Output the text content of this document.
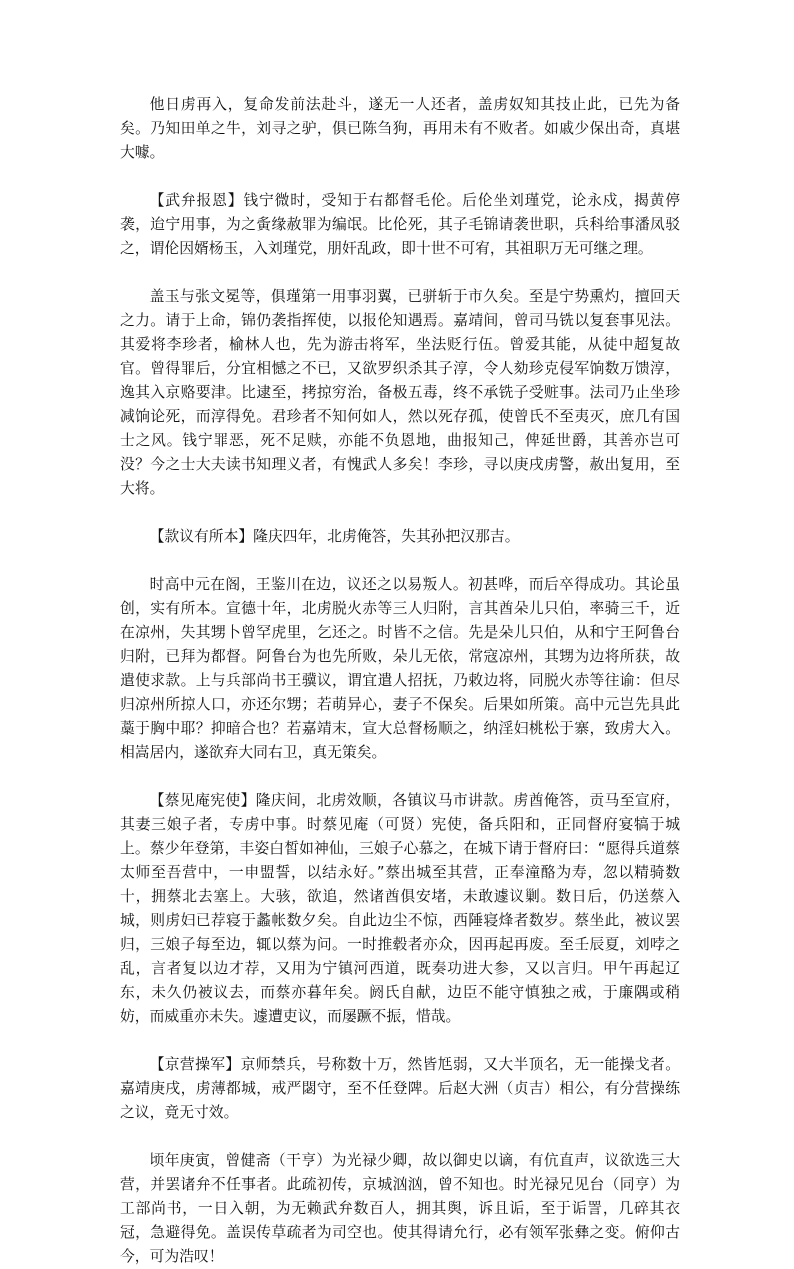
他日虏再入，复命发前法赴斗，遂无一人还者，盖虏奴知其技止此，已先为备矣。乃知田单之牛，刘寻之驴，俱已陈刍狗，再用未有不败者。如戚少保出奇，真堪大噱。

【武弁报恩】钱宁微时，受知于右都督毛伦。后伦坐刘瑾党，论永戍，揭黄停袭，迨宁用事，为之夤缘赦罪为编氓。比伦死，其子毛锦请袭世职，兵科给事潘凤驳之，谓伦因婿杨玉，入刘瑾党，朋奸乱政，即十世不可宥，其祖职万无可继之理。

盖玉与张文冕等，俱瑾第一用事羽翼，已骈斩于市久矣。至是宁势熏灼，擅回天之力。请于上命，锦仍袭指挥使，以报伦知遇焉。嘉靖间，曾司马铣以复套事见法。其爱将李珍者，榆林人也，先为游击将军，坐法贬行伍。曾爱其能，从徒中超复故官。曾得罪后，分宜相憾之不已，又欲罗织杀其子淳，令人劾珍克侵军饷数万馈淳，逸其入京赂要津。比逮至，拷掠穷治，备极五毒，终不承铣子受赃事。法司乃止坐珍减饷论死，而淳得免。君珍者不知何如人，然以死存孤，使曾氏不至夷灭，庶几有国士之风。钱宁罪恶，死不足赎，亦能不负恩地，曲报知己，俾延世爵，其善亦岂可没？今之士大夫读书知理义者，有愧武人多矣！李珍，寻以庚戌虏警，赦出复用，至大将。

【款议有所本】隆庆四年，北虏俺答，失其孙把汉那吉。

时高中元在阁，王鉴川在边，议还之以易叛人。初甚哗，而后卒得成功。其论虽创，实有所本。宣德十年，北虏脱火赤等三人归附，言其酋朵儿只伯，率骑三千，近在凉州，失其甥卜曾罕虎里，乞还之。时皆不之信。先是朵儿只伯，从和宁王阿鲁台归附，已拜为都督。阿鲁台为也先所败，朵儿无依，常寇凉州，其甥为边将所获，故遣使求款。上与兵部尚书王骥议，谓宜遣人招抚，乃敕边将，同脱火赤等往谕：但尽归凉州所掠人口，亦还尔甥；若萌异心，妻子不保矣。后果如所策。高中元岂先具此藁于胸中耶？抑暗合也？若嘉靖末，宣大总督杨顺之，纳淫妇桃松于寨，致虏大入。相嵩居内，遂欲弃大同右卫，真无策矣。

【蔡见庵宪使】隆庆间，北虏效顺，各镇议马市讲款。虏酋俺答，贡马至宣府，其妻三娘子者，专虏中事。时蔡见庵（可贤）宪使，备兵阳和，正同督府宴犒于城上。蔡少年登第，丰姿白皙如神仙，三娘子心慕之，在城下请于督府曰：“愿得兵道蔡太师至吾营中，一申盟誓，以结永好。”蔡出城至其营，正奉潼酪为寿，忽以精骑数十，拥蔡北去塞上。大骇，欲追，然诸酋俱安堵，未敢遽议剿。数日后，仍送蔡入城，则虏妇已荐寝于蠡帐数夕矣。自此边尘不惊，西陲寝烽者数岁。蔡坐此，被议罢归，三娘子每至边，辄以蔡为问。一时推毂者亦众，因再起再废。至壬辰夏，刘哱之乱，言者复以边才荐，又用为宁镇河西道，既奏功进大参，又以言归。甲午再起辽东，未久仍被议去，而蔡亦暮年矣。阏氏自献，边臣不能守慎独之戒，于廉隅或稍妨，而威重亦未失。遽遭吏议，而屡蹶不振，惜哉。

【京营操军】京师禁兵，号称数十万，然皆尪弱，又大半顶名，无一能操戈者。嘉靖庚戌，虏薄都城，戒严閟守，至不任登陴。后赵大洲（贞吉）相公，有分营操练之议，竟无寸效。

顷年庚寅，曾健斋（干亨）为光禄少卿，故以御史以谪，有伉直声，议欲选三大营，并罢诸弁不任事者。此疏初传，京城汹汹，曾不知也。时光禄兄见台（同亨）为工部尚书，一日入朝，为无赖武弁数百人，拥其舆，诉且诟，至于诟詈，几碎其衣冠，急避得免。盖误传草疏者为司空也。使其得请允行，必有领军张彝之变。俯仰古今，可为浩叹！
